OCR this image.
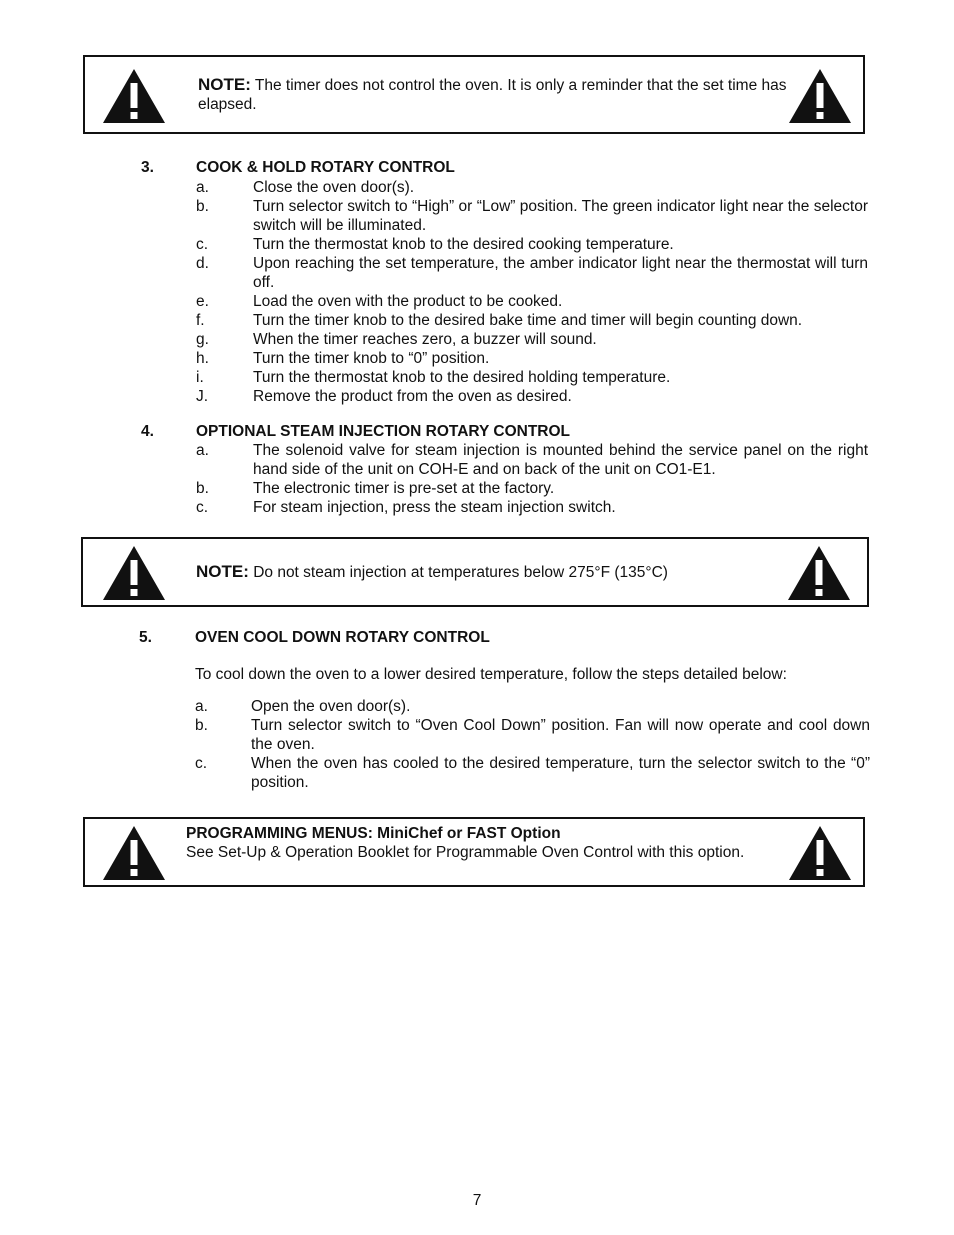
NOTE: The timer does not control the oven. It is only a reminder that the set time has elapsed.
3.	COOK & HOLD ROTARY CONTROL
a.	Close the oven door(s).
b.	Turn selector switch to “High” or “Low” position. The green indicator light near the selector switch will be illuminated.
c.	Turn the thermostat knob to the desired cooking temperature.
d.	Upon reaching the set temperature, the amber indicator light near the thermostat will turn off.
e.	Load the oven with the product to be cooked.
f.	Turn the timer knob to the desired bake time and timer will begin counting down.
g.	When the timer reaches zero, a buzzer will sound.
h.	Turn the timer knob to “0” position.
i.	Turn the thermostat knob to the desired holding temperature.
J.	Remove the product from the oven as desired.
4.	OPTIONAL STEAM INJECTION ROTARY CONTROL
a.	The solenoid valve for steam injection is mounted behind the service panel on the right hand side of the unit on COH-E and on back of the unit on CO1-E1.
b.	The electronic timer is pre-set at the factory.
c.	For steam injection, press the steam injection switch.
NOTE: Do not steam injection at temperatures below 275°F (135°C)
5.	OVEN COOL DOWN ROTARY CONTROL
To cool down the oven to a lower desired temperature, follow the steps detailed below:
a.	Open the oven door(s).
b.	Turn selector switch to “Oven Cool Down” position. Fan will now operate and cool down the oven.
c.	When the oven has cooled to the desired temperature, turn the selector switch to the “0” position.
PROGRAMMING MENUS: MiniChef or FAST Option
See Set-Up & Operation Booklet for Programmable Oven Control with this option.
7
